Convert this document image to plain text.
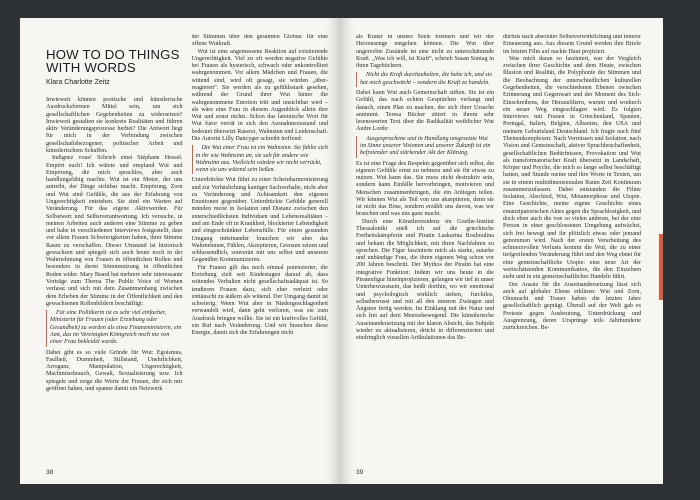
HOW TO DO THINGS WITH WORDS
Klara Charlotte Zeitz

Inwieweit können poetische und künstlerische Ausdrucksformen Mittel sein, um sich gesellschaftlichen Gegebenheiten zu widersetzen? Inwieweit gestalten sie konkrete Realitäten und führen aktiv Veränderungsprozesse herbei? Die Antwort liegt für mich in der Verbindung zwischen gesellschaftsbezogener, politischer Arbeit und künstlerischem Schaffen.

Indignez vous! Schrieb einst Stéphane Hessel. Empört euch! Ich wütete und empfand Wut und Empörung, die mich sprachlos, aber auch handlungsfähig machte. Wut ist ein Motor, der uns antreibt, der Dinge sichtbar macht. Empörung, Zorn und Wut sind Gefühle, die aus der Erfahrung von Ungerechtigkeit entstehen. Sie sind ein Warten auf Veränderung. Für das eigene Aktivwerden. Für Selbstwert und Selbstverantwortung. Ich versuche, in meinen Arbeiten auch anderen eine Stimme zu geben und habe in verschiedenen Interviews festgestellt, dass vor allem Frauen Schwierigkeiten haben, ihrer Stimme Raum zu verschaffen. Dieser Umstand ist historisch gewachsen und spiegelt sich auch heute noch in der Wahrnehmung von Frauen in öffentlichen Rollen und besonders in deren Stimmnutzung in öffentlichen Reden wider. Mary Beard hat mehrere sehr interessante Vorträge zum Thema The Public Voice of Women verfasst und sich mit dem Zusammenhang zwischen dem Erheben der Stimme in der Öffentlichkeit und den gewachsenen Rollenbildern beschäftigt:

Für eine Politikerin ist es sehr viel einfacher, Ministerin für Frauen (oder Erziehung oder Gesundheit) zu werden als etwa Finanzministerin, ein Amt, das im Vereinigten Königreich noch nie von einer Frau bekleidet wurde.

Dabei gibt es so viele Gründe für Wut: Egoismus, Faulheit, Dummheit, Stillstand, Unehrlichkeit, Arroganz, Manipulation, Ungerechtigkeit, Machtmissbrauch, Gewalt, Sexualisierung usw. Ich spiegele und zeige die Worte der Frauen, die sich mir geöffnet haben, und spanne damit ein Netzwerk

der Stimmen über den gesamten Globus: für eine offene Wutkraft.

Wut ist eine angemessene Reaktion auf existierende Ungerechtigkeit. Viel zu oft werden negative Gefühle bei Frauen als hysterisch, schwach oder unkontrolliert wahrgenommen. Vor allem Mädchen und Frauen, die wütend sind, wird oft gesagt, sie würden „über-reagieren“. Sie werden als zu gefühlsstark gesehen, während der Grund ihrer Wut hinter die wahrgenommene Emotion tritt und unsichtbar wird – als wäre eine Frau in diesem Augenblick allein ihre Wut und sonst nichts. Schon das lateinische Wort für Wut furor verrät in sich den Ausnahmezustand und bedeutet übersetzt Raserei, Wahnsinn und Leidenschaft. Die Autorin Lilly Dancyger schreibt treffend:

Die Wut einer Frau ist ein Wahnsinn. Sie fühlte sich in ihr wie Wahnsinn an, sie sah für andere wie Wahnsinn aus. Vielleicht würden wir nicht verrückt, wenn sie uns wütend sein ließen.

Unterdrückte Wut führt zu einer Scheinharmonisierung und zur Verhäslichung kantiger Sachverhalte, nicht aber zu Veränderung und Achtsamkeit den eigenen Emotionen gegenüber. Unterdrückte Gefühle generell münden meist in Isolation und Distanz zwischen den unterschiedlichsten Individuen und Lebensrealitäten – und am Ende oft in Krankheit, blockierter Lebendigkeit und eingeschränkter Lebensfülle. Für einen gesunden Umgang miteinander brauchen wir aber das Wahrnehmen, Fühlen, Akzeptieren, Grenzen setzen und schlussendlich, souverän mit uns selbst und unserem Gegenüber Kommunizieren.

Für Frauen gilt das noch einmal potenzierter, die Erziehung zielt seit Kindestagen darauf ab, dass wütendes Verhalten nicht gesellschaftsadäquat ist. So tendieren Frauen dazu, sich eher verletzt oder enttäuscht zu äußern als wütend. Der Umgang damit ist schwierig. Wenn Wut aber in Niedergeschlagenheit verwandelt wird, dann geht verloren, was sie zum Ausdruck bringen wollte. Sie ist ein kraftvolles Gefühl, ein Ruf nach Veränderung. Und wir brauchen diese Energie, damit sich die Erfahrungen nicht

38

als Krater in unsere Seele brennen und wir der Herzensenge entgehen können. Die Wut über ungerechte Zustände ist eine nicht zu unterschätzende Kraft. „Was ich will, ist Kraft“, schrieb Susan Sontag in ihren Tagebüchern.

Nicht die Kraft durchzuhalten, die habe ich, und sie hat mich geschwächt – sondern die Kraft zu handeln.

Dabei kann Wut auch Gemeinschaft stiften. Sie ist ein Gefühl, das nach echten Gesprächen verlangt und danach, einen Plan zu machen, der sich ihrer Ursache annimmt. Teresa Bücker zitiert in ihrem sehr lesenswerten Text über die Radikalität weiblicher Wut Audre Lorde:

Ausgesprochene und in Handlung umgesetzte Wut im Sinne unserer Visionen und unserer Zukunft ist ein befreiender und stärkender Akt der Klärung.

Es ist eine Frage des Respekts gegenüber sich selbst, die eigenen Gefühle ernst zu nehmen und sie für etwas zu nutzen. Wut kann das. Sie muss nicht destruktiv sein, sondern kann Einfälle hervorbringen, motivieren und Menschen zusammenbringen, die ein Anliegen teilen. Wir können Wut als Teil von uns akzeptieren, denn sie ist nicht das Böse, sondern erzählt uns davon, was wir brauchen und was uns ganz macht.

Durch eine Künstlerresidenz im Goethe-Institut Thessaloniki stieß ich auf die griechische Freiheitskämpferin und Piratin Laskarina Bouboulina und bekam die Möglichkeit, mit ihren Nachfahren zu sprechen. Die Figur faszinierte mich als starke, autarke und unbändige Frau, die ihren eigenen Weg schon vor 200 Jahren beschritt. Der Mythos der Piratin hat eine integrative Funktion: Indem wir uns heute in die Piratenfigur hineinprojizieren, gelangen wir tief in unser Unterbewusstsein, das heißt dorthin, wo wir emotional und psychologisch wirklich stehen, furchtlos, selbstbewusst und mit all den inneren Zwängen und Ängsten fertig werden. Im Einklang mit der Natur und sich frei auf dem Meeresbewegend. Die künstlerische Auseinandersetzung mit der klaren Absicht, das Subjekt wieder zu aktualisieren, drückt in differenzierten und eindringlich visuellen Artikulationen das Be-

dürfnis nach absoluter Selbstverwirklichung und innerer Erneuerung aus. Aus diesem Grund werden ihre Briefe im letzten Film auf nackte Haut projiziert.

Was mich daran so fasziniert, war der Vergleich zwischen ihrer Geschichte und dem Heute, zwischen Illusion und Realität, die Polyphonie der Stimmen und die Beobachtung der unterschiedlichen kulturellen Gegebenheiten, die verschiedenen Ebenen zwischen Erinnerung und Gegenwart und der Moment des Sich-Einschreibens, der Herausfiltern, warum und wodurch ein neuer Weg eingeschlagen wird. Es folgten Interviews mit Frauen in Griechenland, Spanien, Portugal, Italien, Belgien, Albanien, den USA und meinem Geburtsland Deutschland. Ich fragte nach fünf Themenkomplexen: Nach Vermissen und Isolation, nach Vision und Gemeinschaft, aktiver Sprachbeschaffenheit, gesellschaftlichen Bedürfnissen, Provokation und Wut als transformatorischer Kraft übersetzt in Landschaft, Körper und Psyche, die mich so lange selbst beschäftigt hatten, und Stunde meine und ihre Worte in Texten, um sie in einem multidimensionalen Raum Zeit Kontinuum zusammenzufassen. Dabei entstanden die Filme Isolation, Abschied, Wut, Metamorphose und Utopie. Eine Geschichte, meine eigene Geschichte eines emanzipatorischen Aktes gegen die Sprachlosigkeit, und doch eben auch die von so vielen anderen, bei der eine Person in einer geschlossenen Umgebung aufwächst, sich frei bewegt und ihr plötzlich etwas oder jemand genommen wird. Nach der ersten Verarbeitung des schmerzvollen Verlusts kommt die Wut, die zu einer tiefgreifenden Veränderung führt und den Weg ebnet für eine gemeinschaftliche Utopie: eine neue Art der wertschätzenden Kommunikation, die den Einzelnen sieht und in ein gemeinschaftliches Handeln führt.

Der Ansatz für die Auseinandersetzung lässt sich auch auf globaler Ebene erklären: Wut und Zorn, Ohnmacht und Trauer haben die letzten Jahre gesellschaftlich geprägt. Überall auf der Welt gab es Proteste gegen Ausbeutung, Unterdrückung und Ausgrenzung, deren Ursprünge teils Jahrhunderte zurückreichen. Be-

39
